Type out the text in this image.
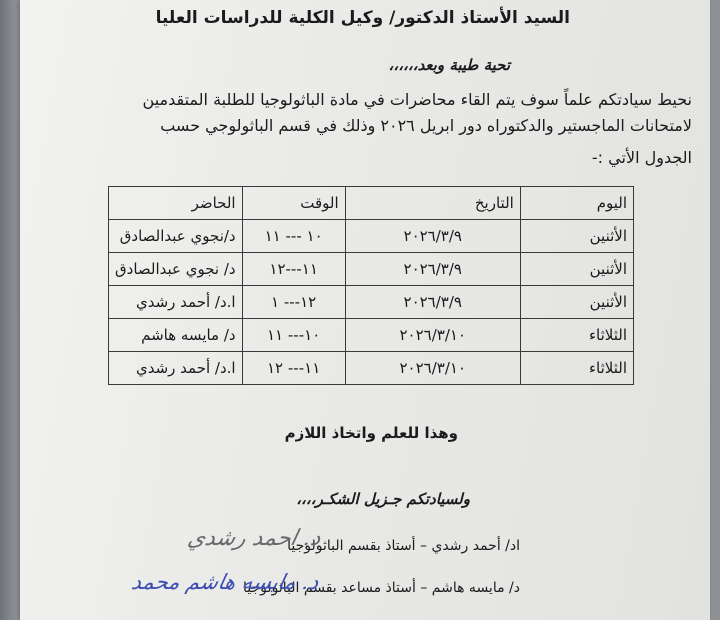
السيد الأستاذ الدكتور/ وكيل الكلية للدراسات العليا
تحية طيبة وبعد،،،،،،
نحيط سيادتكم علماً سوف يتم القاء محاضرات في مادة الباثولوجيا للطلبة المتقدمين
لامتحانات الماجستير والدكتوراه دور ابريل ٢٠٢٦ وذلك في قسم الباثولوجي حسب
الجدول الأتي :-
اليوم	التاريخ	الوقت	الحاضر
الأثنين	٢٠٢٦/٣/٩	١٠ --- ١١	د/نجوي عبدالصادق
الأثنين	٢٠٢٦/٣/٩	١١---١٢	د/ نجوي عبدالصادق
الأثنين	٢٠٢٦/٣/٩	١٢--- ١	ا.د/ أحمد رشدي
الثلاثاء	٢٠٢٦/٣/١٠	١٠--- ١١	د/ مايسه هاشم
الثلاثاء	٢٠٢٦/٣/١٠	١١--- ١٢	ا.د/ أحمد رشدي
وهذا للعلم واتخاذ اللازم
ولسيادتكم جـزيل الشكـر،،،،
اد/ أحمد رشدي – أستاذ بقسم الباثولوجيا
د. احمد رشدي
د/ مايسه هاشم – أستاذ مساعد بقسم الباثولوجيا
د. مايسه هاشم محمد
